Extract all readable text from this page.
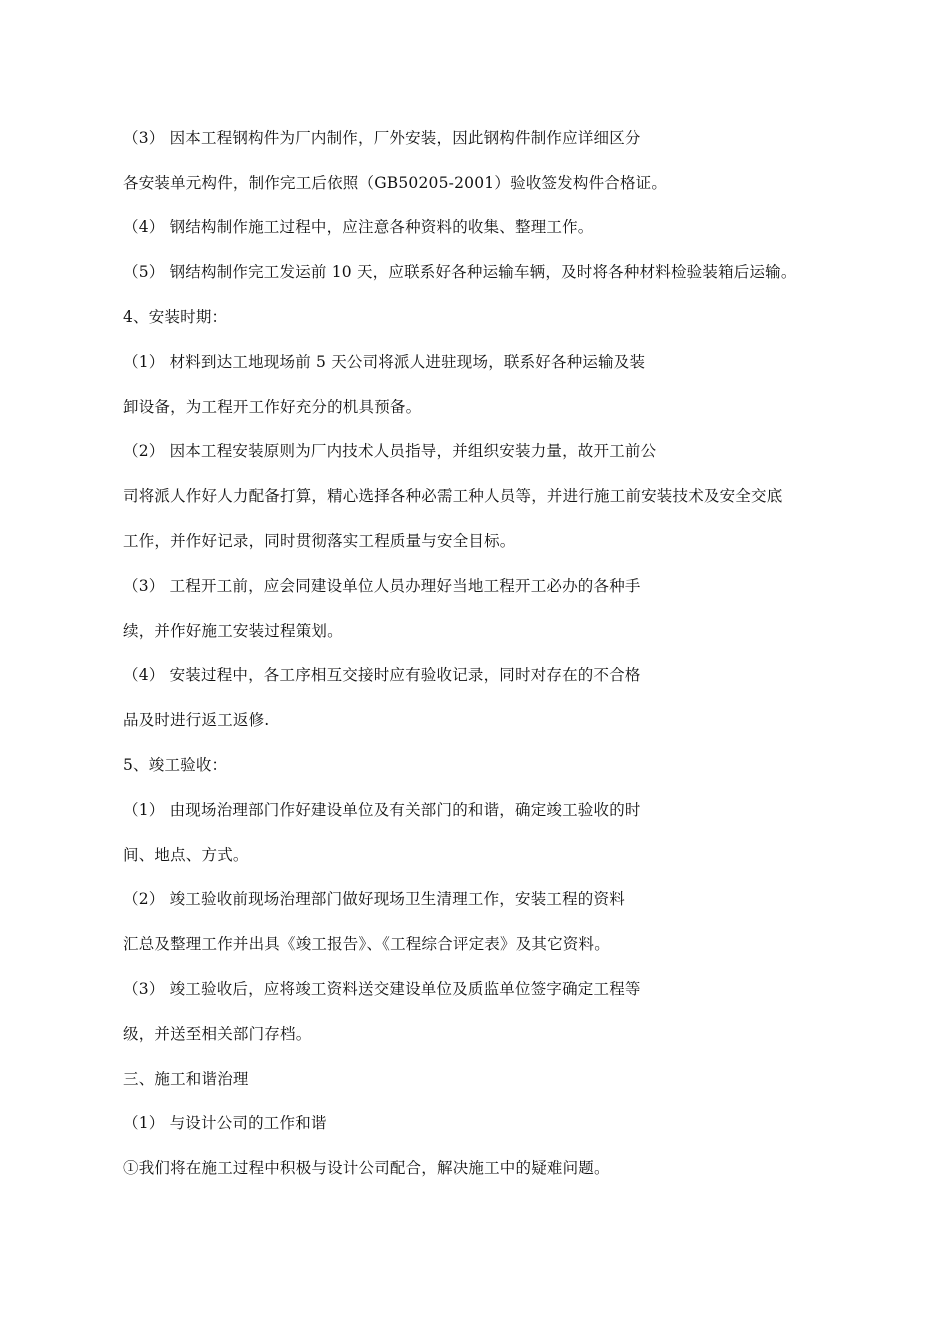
（3） 因本工程钢构件为厂内制作，厂外安装，因此钢构件制作应详细区分
各安装单元构件，制作完工后依照（GB50205-2001）验收签发构件合格证。
（4） 钢结构制作施工过程中，应注意各种资料的收集、整理工作。
（5） 钢结构制作完工发运前 10 天，应联系好各种运输车辆，及时将各种材料检验装箱后运输。
4、安装时期：
（1） 材料到达工地现场前 5 天公司将派人进驻现场，联系好各种运输及装
卸设备，为工程开工作好充分的机具预备。
（2） 因本工程安装原则为厂内技术人员指导，并组织安装力量，故开工前公
司将派人作好人力配备打算，精心选择各种必需工种人员等，并进行施工前安装技术及安全交底
工作，并作好记录，同时贯彻落实工程质量与安全目标。
（3） 工程开工前，应会同建设单位人员办理好当地工程开工必办的各种手
续，并作好施工安装过程策划。
（4） 安装过程中，各工序相互交接时应有验收记录，同时对存在的不合格
品及时进行返工返修.
5、竣工验收：
（1） 由现场治理部门作好建设单位及有关部门的和谐，确定竣工验收的时
间、地点、方式。
（2） 竣工验收前现场治理部门做好现场卫生清理工作，安装工程的资料
汇总及整理工作并出具《竣工报告》、《工程综合评定表》及其它资料。
（3） 竣工验收后，应将竣工资料送交建设单位及质监单位签字确定工程等
级，并送至相关部门存档。
三、施工和谐治理
（1） 与设计公司的工作和谐
①我们将在施工过程中积极与设计公司配合，解决施工中的疑难问题。
